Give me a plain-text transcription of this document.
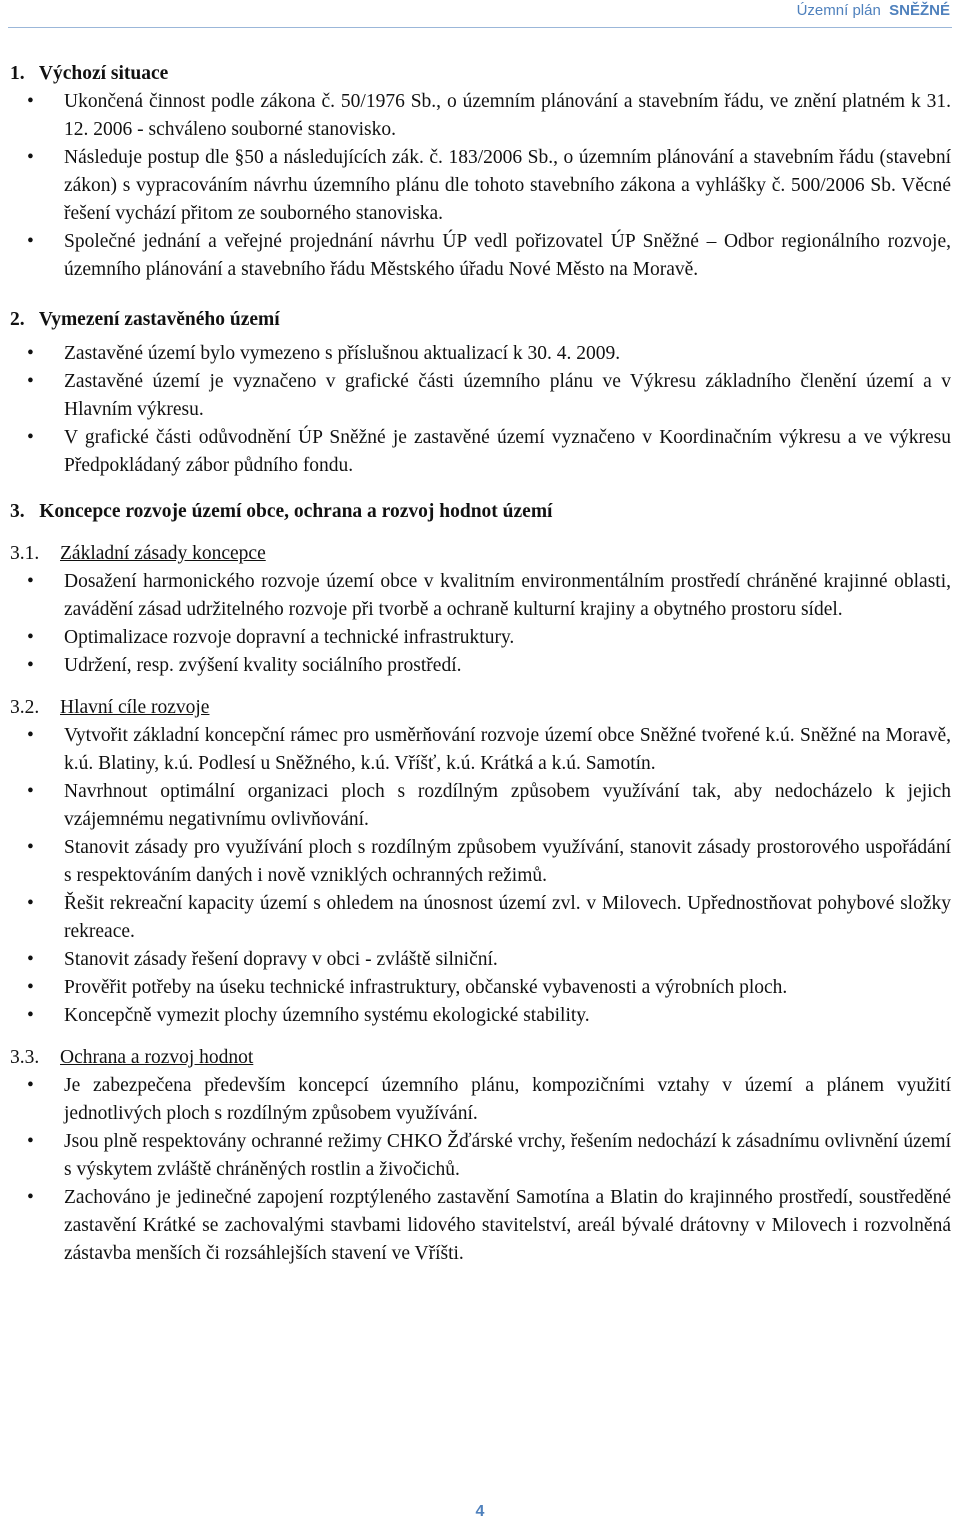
Územní plán SNĚŽNÉ
1.   Výchozí situace
• Ukončená činnost podle zákona č. 50/1976 Sb., o územním plánování a stavebním řádu, ve znění platném k 31. 12. 2006 - schváleno souborné stanovisko.
• Následuje postup dle §50 a následujících zák. č. 183/2006 Sb., o územním plánování a stavebním řádu (stavební zákon) s vypracováním návrhu územního plánu dle tohoto stavebního zákona a vyhlášky č. 500/2006 Sb. Věcné řešení vychází přitom ze souborného stanoviska.
• Společné jednání a veřejné projednání návrhu ÚP vedl pořizovatel ÚP Sněžné – Odbor regionálního rozvoje, územního plánování a stavebního řádu Městského úřadu Nové Město na Moravě.
2.   Vymezení zastavěného území
• Zastavěné území bylo vymezeno s příslušnou aktualizací k 30. 4. 2009.
• Zastavěné území je vyznačeno v grafické části územního plánu ve Výkresu základního členění území a v Hlavním výkresu.
• V grafické části odůvodnění ÚP Sněžné je zastavěné území vyznačeno v Koordinačním výkresu a ve výkresu Předpokládaný zábor půdního fondu.
3.   Koncepce rozvoje území obce, ochrana a rozvoj hodnot území
3.1. Základní zásady koncepce
• Dosažení harmonického rozvoje území obce v kvalitním environmentálním prostředí chráněné krajinné oblasti, zavádění zásad udržitelného rozvoje při tvorbě a ochraně kulturní krajiny a obytného prostoru sídel.
• Optimalizace rozvoje dopravní a technické infrastruktury.
• Udržení, resp. zvýšení kvality sociálního prostředí.
3.2. Hlavní cíle rozvoje
• Vytvořit základní koncepční rámec pro usměrňování rozvoje území obce Sněžné tvořené k.ú. Sněžné na Moravě, k.ú. Blatiny, k.ú. Podlesí u Sněžného, k.ú. Vříšť, k.ú. Krátká a k.ú. Samotín.
• Navrhnout optimální organizaci ploch s rozdílným způsobem využívání tak, aby nedocházelo k jejich vzájemnému negativnímu ovlivňování.
• Stanovit zásady pro využívání ploch s rozdílným způsobem využívání, stanovit zásady prostorového uspořádání s respektováním daných i nově vzniklých ochranných režimů.
• Řešit rekreační kapacity území s ohledem na únosnost území zvl. v Milovech. Upřednostňovat pohybové složky rekreace.
• Stanovit zásady řešení dopravy v obci - zvláště silniční.
• Prověřit potřeby na úseku technické infrastruktury, občanské vybavenosti a výrobních ploch.
• Koncepčně vymezit plochy územního systému ekologické stability.
3.3. Ochrana a rozvoj hodnot
• Je zabezpečena především koncepcí územního plánu, kompozičními vztahy v území a plánem využití jednotlivých ploch s rozdílným způsobem využívání.
• Jsou plně respektovány ochranné režimy CHKO Žďárské vrchy, řešením nedochází k zásadnímu ovlivnění území s výskytem zvláště chráněných rostlin a živočichů.
• Zachováno je jedinečné zapojení rozptýleného zastavění Samotína a Blatin do krajinného prostředí, soustředěné zastavění Krátké se zachovalými stavbami lidového stavitelství, areál bývalé drátovny v Milovech i rozvolněná zástavba menších či rozsáhlejších stavení ve Vříšti.
4
